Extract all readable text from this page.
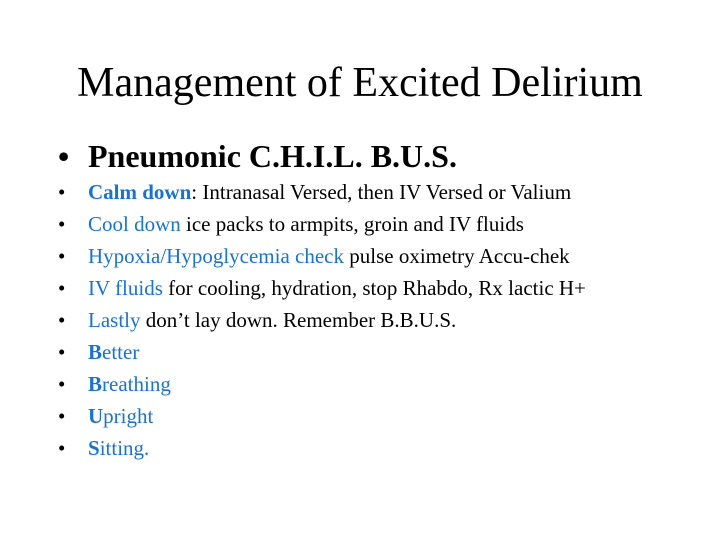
Management of Excited Delirium
• Pneumonic C.H.I.L. B.U.S.
• Calm down: Intranasal Versed, then IV Versed or Valium
• Cool down ice packs to armpits, groin and IV fluids
• Hypoxia/Hypoglycemia check pulse oximetry Accu-chek
• IV fluids for cooling, hydration, stop Rhabdo, Rx lactic H+
• Lastly don’t lay down. Remember B.B.U.S.
• Better
• Breathing
• Upright
• Sitting.
